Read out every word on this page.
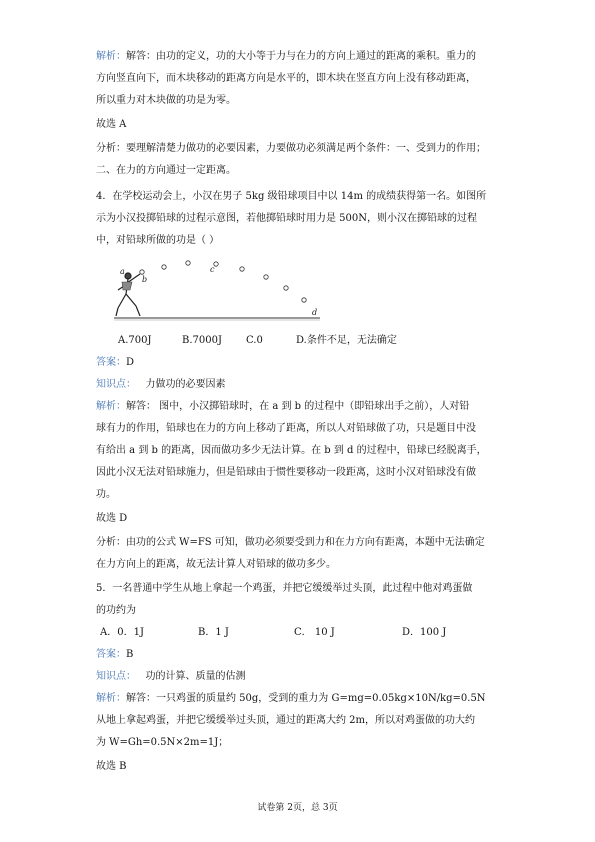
解析：解答：由功的定义，功的大小等于力与在力的方向上通过的距离的乘积。重力的

方向竖直向下，而木块移动的距离方向是水平的，即木块在竖直方向上没有移动距离，

所以重力对木块做的功是为零。

故选 A

分析：要理解清楚力做功的必要因素，力要做功必须满足两个条件：一、受到力的作用；

二、在力的方向通过一定距离。

4．在学校运动会上，小汉在男子 5kg 级铅球项目中以 14m 的成绩获得第一名。如图所

示为小汉投掷铅球的过程示意图，若他掷铅球时用力是 500N，则小汉在掷铅球的过程

中，对铅球所做的功是（ ）

a
b
c
d
A.700J	B.7000J	C.0	D.条件不足，无法确定

答案：D

知识点： 力做功的必要因素

解析：解答： 图中，小汉掷铅球时，在 a 到 b 的过程中（即铅球出手之前），人对铅

球有力的作用，铅球也在力的方向上移动了距离，所以人对铅球做了功，只是题目中没

有给出 a 到 b 的距离，因而做功多少无法计算。在 b 到 d 的过程中，铅球已经脱离手，

因此小汉无法对铅球施力，但是铅球由于惯性要移动一段距离，这时小汉对铅球没有做

功。

故选 D

分析：由功的公式 W=FS 可知，做功必须要受到力和在力方向有距离，本题中无法确定

在力方向上的距离，故无法计算人对铅球的做功多少。

5．一名普通中学生从地上拿起一个鸡蛋，并把它缓缓举过头顶，此过程中他对鸡蛋做

的功约为

A．0．1J	B．1 J	C． 10 J	D．100 J

答案：B

知识点： 功的计算、质量的估测

解析：解答：一只鸡蛋的质量约 50g，受到的重力为 G=mg=0.05kg×10N/kg=0.5N

从地上拿起鸡蛋，并把它缓缓举过头顶，通过的距离大约 2m，所以对鸡蛋做的功大约

为 W=Gh=0.5N×2m=1J；

故选 B

试卷第 2页，总 3页
